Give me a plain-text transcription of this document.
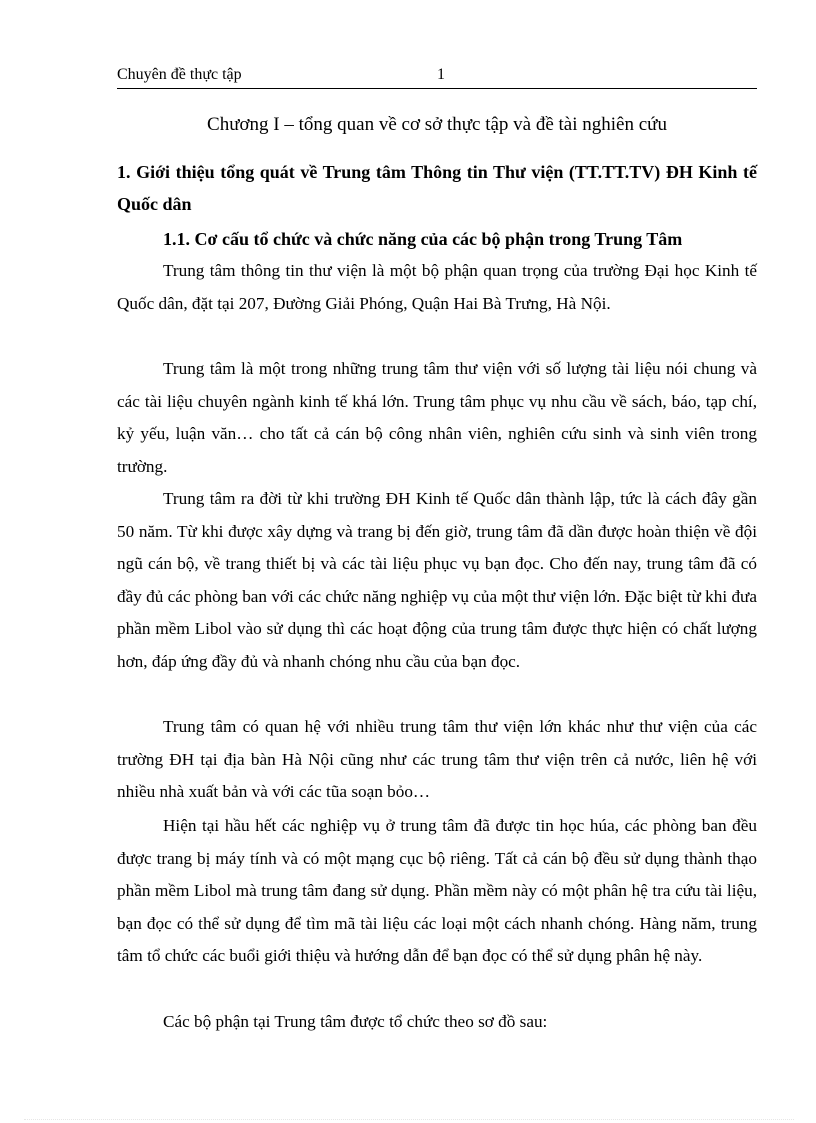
Chuyên đề thực tập	1
Chương I – tổng quan về cơ sở thực tập và đề tài nghiên cứu
1. Giới thiệu tổng quát về Trung tâm Thông tin Thư viện (TT.TT.TV) ĐH Kinh tế Quốc dân
1.1. Cơ cấu tổ chức và chức năng của các bộ phận trong Trung Tâm

Trung tâm thông tin thư viện là một bộ phận quan trọng của trường Đại học Kinh tế Quốc dân, đặt tại 207, Đường Giải Phóng, Quận Hai Bà Trưng, Hà Nội.

Trung tâm là một trong những trung tâm thư viện với số lượng tài liệu nói chung và các tài liệu chuyên ngành kinh tế khá lớn. Trung tâm phục vụ nhu cầu về sách, báo, tạp chí, kỷ yếu, luận văn… cho tất cả cán bộ công nhân viên, nghiên cứu sinh và sinh viên trong trường.

Trung tâm ra đời từ khi trường ĐH Kinh tế Quốc dân thành lập, tức là cách đây gần 50 năm. Từ khi được xây dựng và trang bị đến giờ, trung tâm đã dần được hoàn thiện về đội ngũ cán bộ, về trang thiết bị và các tài liệu phục vụ bạn đọc. Cho đến nay, trung tâm đã có đầy đủ các phòng ban với các chức năng nghiệp vụ của một thư viện lớn. Đặc biệt từ khi đưa phần mềm Libol vào sử dụng thì các hoạt động của trung tâm được thực hiện có chất lượng hơn, đáp ứng đầy đủ và nhanh chóng nhu cầu của bạn đọc.

Trung tâm có quan hệ với nhiều trung tâm thư viện lớn khác như thư viện của các trường ĐH tại địa bàn Hà Nội cũng như các trung tâm thư viện trên cả nước, liên hệ với nhiều nhà xuất bản và với các tũa soạn bỏo…

Hiện tại hầu hết các nghiệp vụ ở trung tâm đã được tin học húa, các phòng ban đều được trang bị máy tính và có một mạng cục bộ riêng. Tất cả cán bộ đều sử dụng thành thạo phần mềm Libol mà trung tâm đang sử dụng. Phần mềm này có một phân hệ tra cứu tài liệu, bạn đọc có thể sử dụng để tìm mã tài liệu các loại một cách nhanh chóng. Hàng năm, trung tâm tổ chức các buổi giới thiệu và hướng dẫn để bạn đọc có thể sử dụng phân hệ này.

Các bộ phận tại Trung tâm được tổ chức theo sơ đồ sau:
